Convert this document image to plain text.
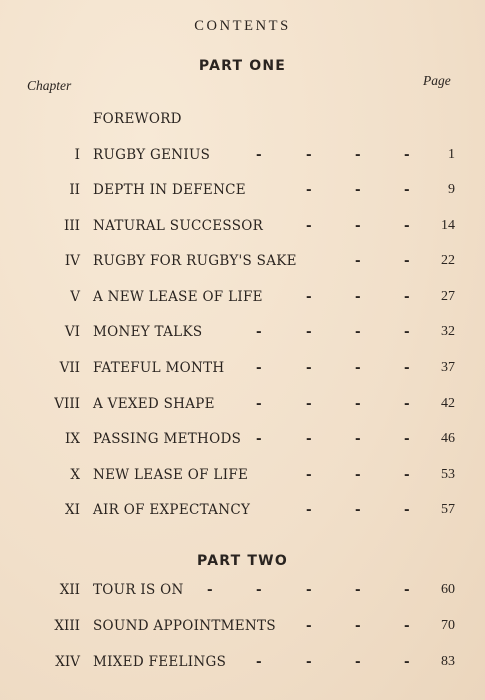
CONTENTS
PART ONE
Chapter	Page
FOREWORD
I RUGBY GENIUS	-	-	-	-	1
II DEPTH IN DEFENCE	-	-	-	9
III NATURAL SUCCESSOR	-	-	- 14
IV RUGBY FOR RUGBY'S SAKE	-	- 22
V A NEW LEASE OF LIFE	-	-	- 27
VI MONEY TALKS	-	-	-	- 32
VII FATEFUL MONTH -	-	-	- 37
VIII A VEXED SHAPE	-	-	-	- 42
IX PASSING METHODS -	-	-	- 46
X NEW LEASE OF LIFE	-	-	- 53
XI AIR OF EXPECTANCY	-	-	- 57
PART TWO
XII TOUR IS ON -	-	-	-	- 60
XIII SOUND APPOINTMENTS -	-	- 70
XIV MIXED FEELINGS -	-	-	- 83
